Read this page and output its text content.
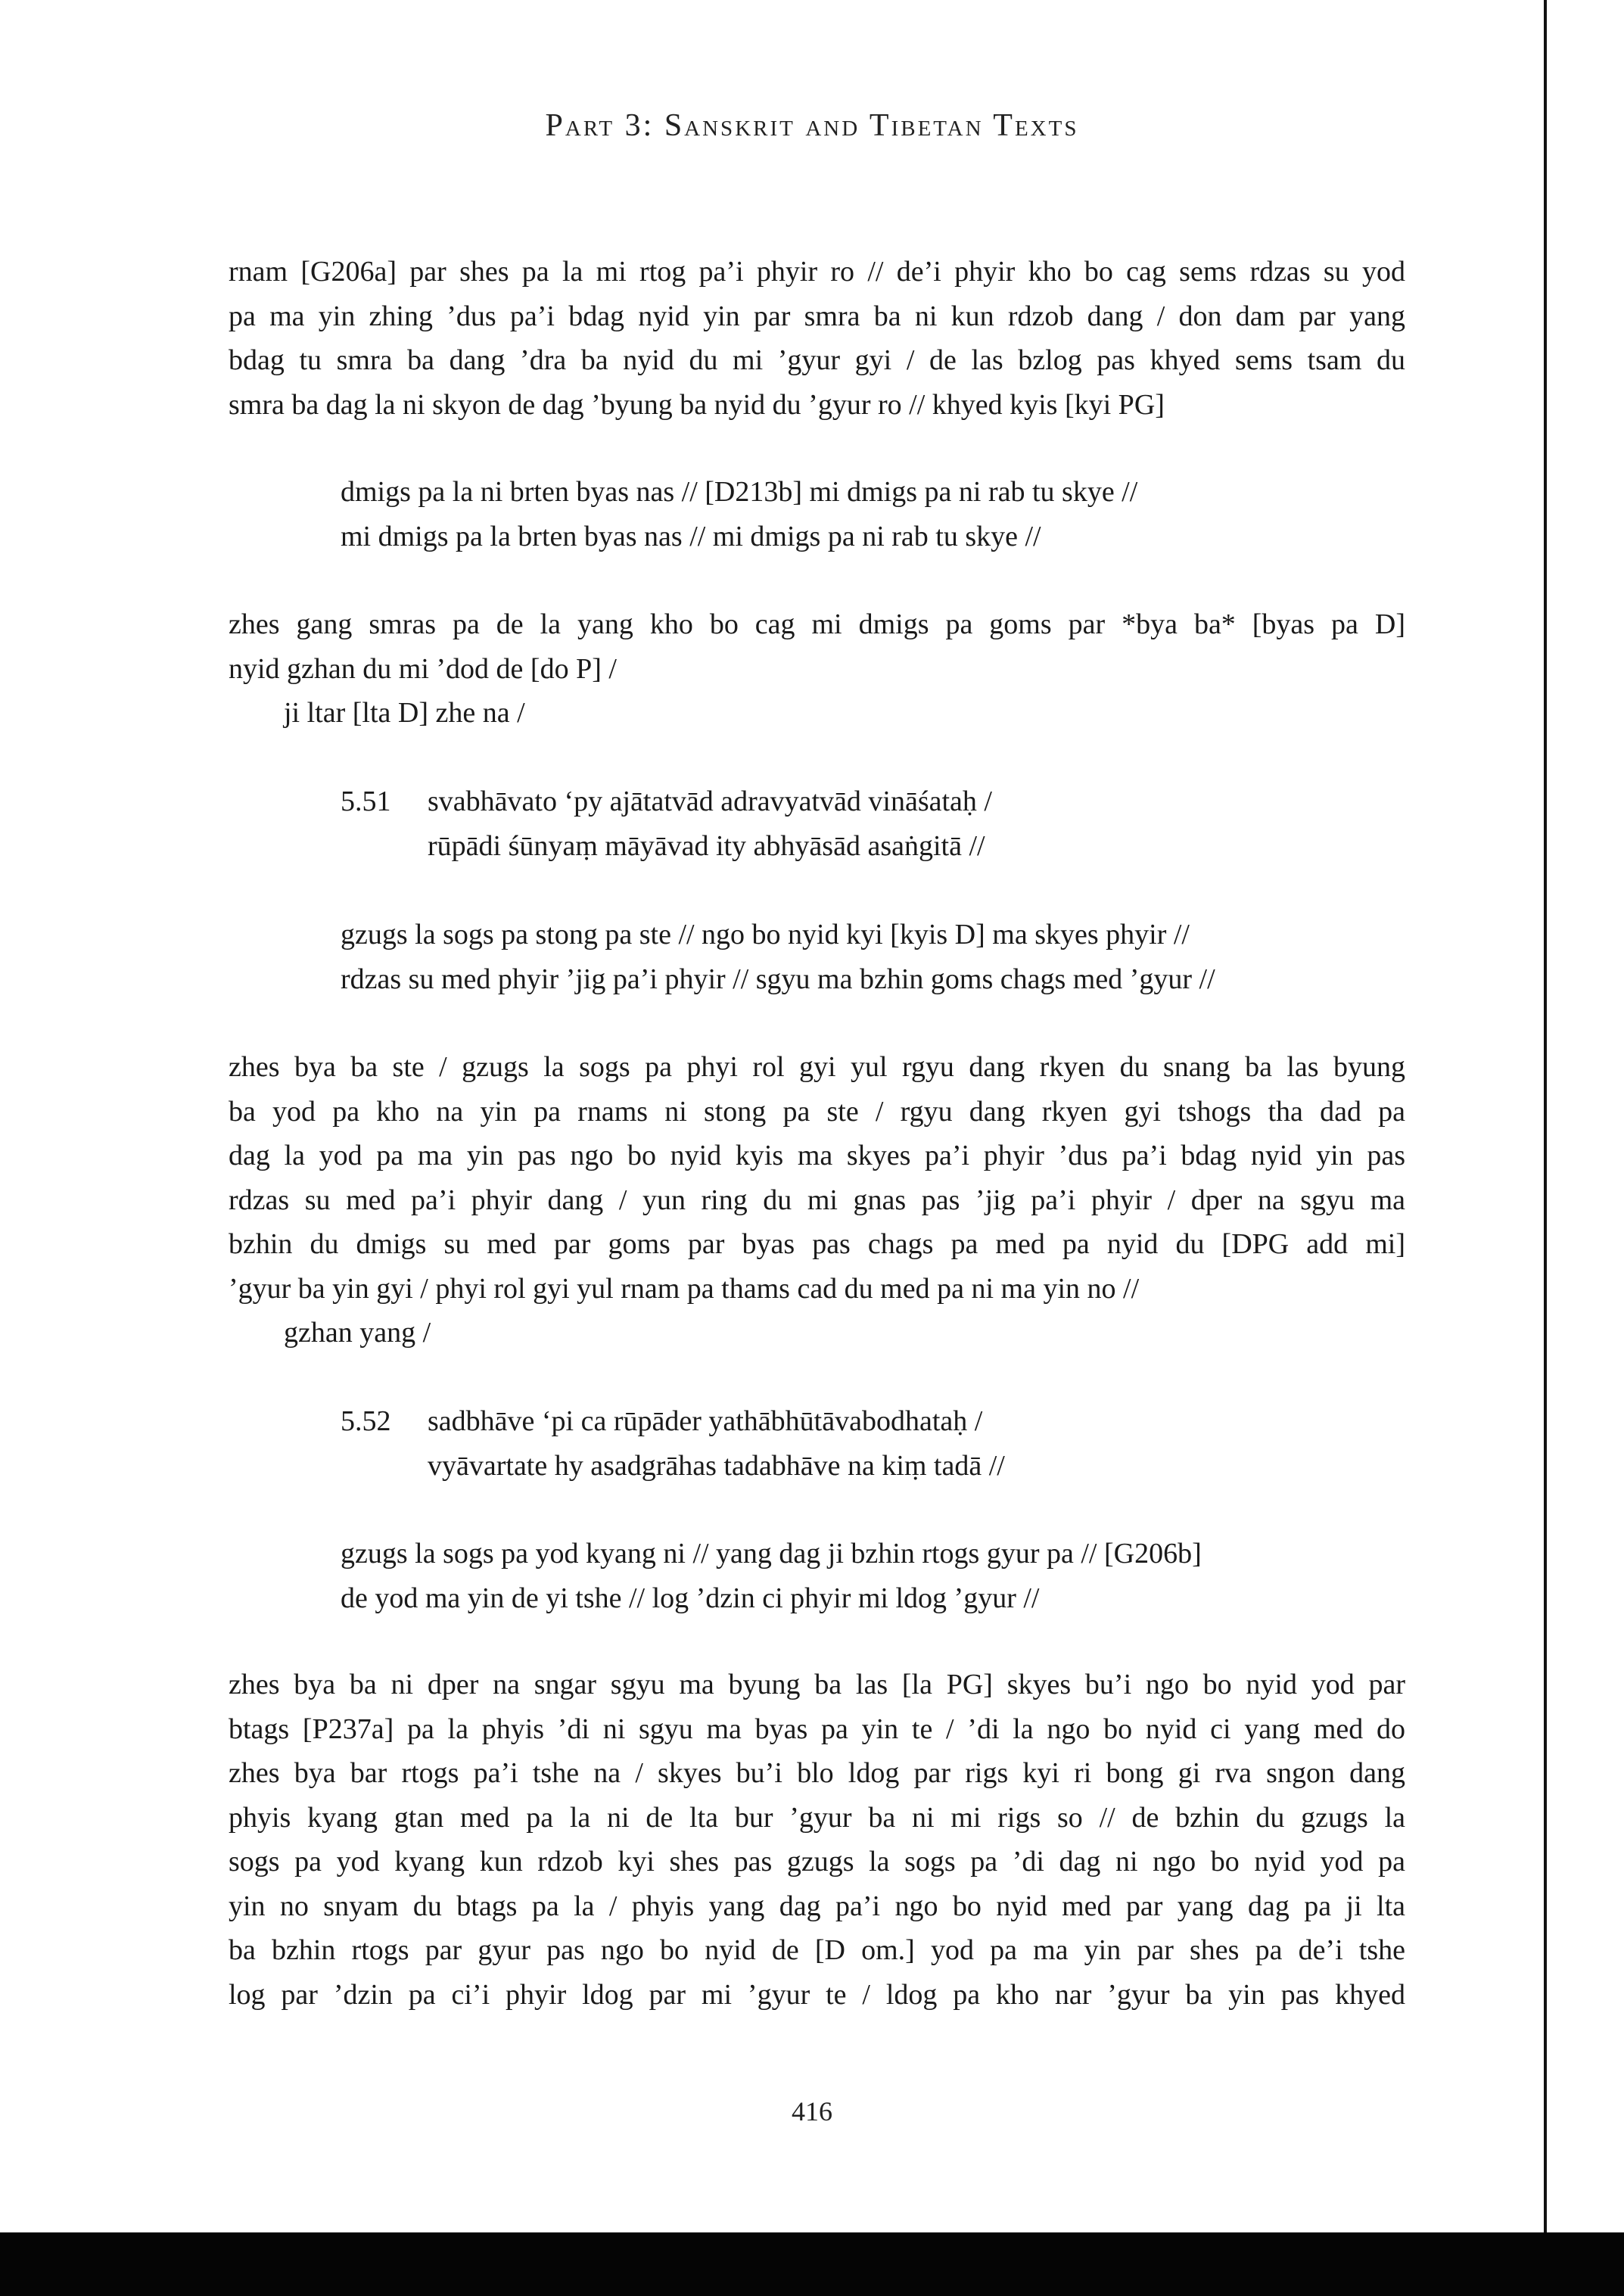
Part 3: Sanskrit and Tibetan Texts
rnam [G206a] par shes pa la mi rtog pa’i phyir ro // de’i phyir kho bo cag sems rdzas su yod
pa ma yin zhing ’dus pa’i bdag nyid yin par smra ba ni kun rdzob dang / don dam par yang
bdag tu smra ba dang ’dra ba nyid du mi ’gyur gyi / de las bzlog pas khyed sems tsam du
smra ba dag la ni skyon de dag ’byung ba nyid du ’gyur ro // khyed kyis [kyi PG]
dmigs pa la ni brten byas nas // [D213b] mi dmigs pa ni rab tu skye //
mi dmigs pa la brten byas nas // mi dmigs pa ni rab tu skye //
zhes gang smras pa de la yang kho bo cag mi dmigs pa goms par *bya ba* [byas pa D]
nyid gzhan du mi ’dod de [do P] /
ji ltar [lta D] zhe na /
5.51 svabhāvato ‘py ajātatvād adravyatvād vināśataḥ /
rūpādi śūnyaṃ māyāvad ity abhyāsād asaṅgitā //
gzugs la sogs pa stong pa ste // ngo bo nyid kyi [kyis D] ma skyes phyir //
rdzas su med phyir ’jig pa’i phyir // sgyu ma bzhin goms chags med ’gyur //
zhes bya ba ste / gzugs la sogs pa phyi rol gyi yul rgyu dang rkyen du snang ba las byung
ba yod pa kho na yin pa rnams ni stong pa ste / rgyu dang rkyen gyi tshogs tha dad pa
dag la yod pa ma yin pas ngo bo nyid kyis ma skyes pa’i phyir ’dus pa’i bdag nyid yin pas
rdzas su med pa’i phyir dang / yun ring du mi gnas pas ’jig pa’i phyir / dper na sgyu ma
bzhin du dmigs su med par goms par byas pas chags pa med pa nyid du [DPG add mi]
’gyur ba yin gyi / phyi rol gyi yul rnam pa thams cad du med pa ni ma yin no //
gzhan yang /
5.52 sadbhāve ‘pi ca rūpāder yathābhūtāvabodhataḥ /
vyāvartate hy asadgrāhas tadabhāve na kiṃ tadā //
gzugs la sogs pa yod kyang ni // yang dag ji bzhin rtogs gyur pa // [G206b]
de yod ma yin de yi tshe // log ’dzin ci phyir mi ldog ’gyur //
zhes bya ba ni dper na sngar sgyu ma byung ba las [la PG] skyes bu’i ngo bo nyid yod par
btags [P237a] pa la phyis ’di ni sgyu ma byas pa yin te / ’di la ngo bo nyid ci yang med do
zhes bya bar rtogs pa’i tshe na / skyes bu’i blo ldog par rigs kyi ri bong gi rva sngon dang
phyis kyang gtan med pa la ni de lta bur ’gyur ba ni mi rigs so // de bzhin du gzugs la
sogs pa yod kyang kun rdzob kyi shes pas gzugs la sogs pa ’di dag ni ngo bo nyid yod pa
yin no snyam du btags pa la / phyis yang dag pa’i ngo bo nyid med par yang dag pa ji lta
ba bzhin rtogs par gyur pas ngo bo nyid de [D om.] yod pa ma yin par shes pa de’i tshe
log par ’dzin pa ci’i phyir ldog par mi ’gyur te / ldog pa kho nar ’gyur ba yin pas khyed
416
